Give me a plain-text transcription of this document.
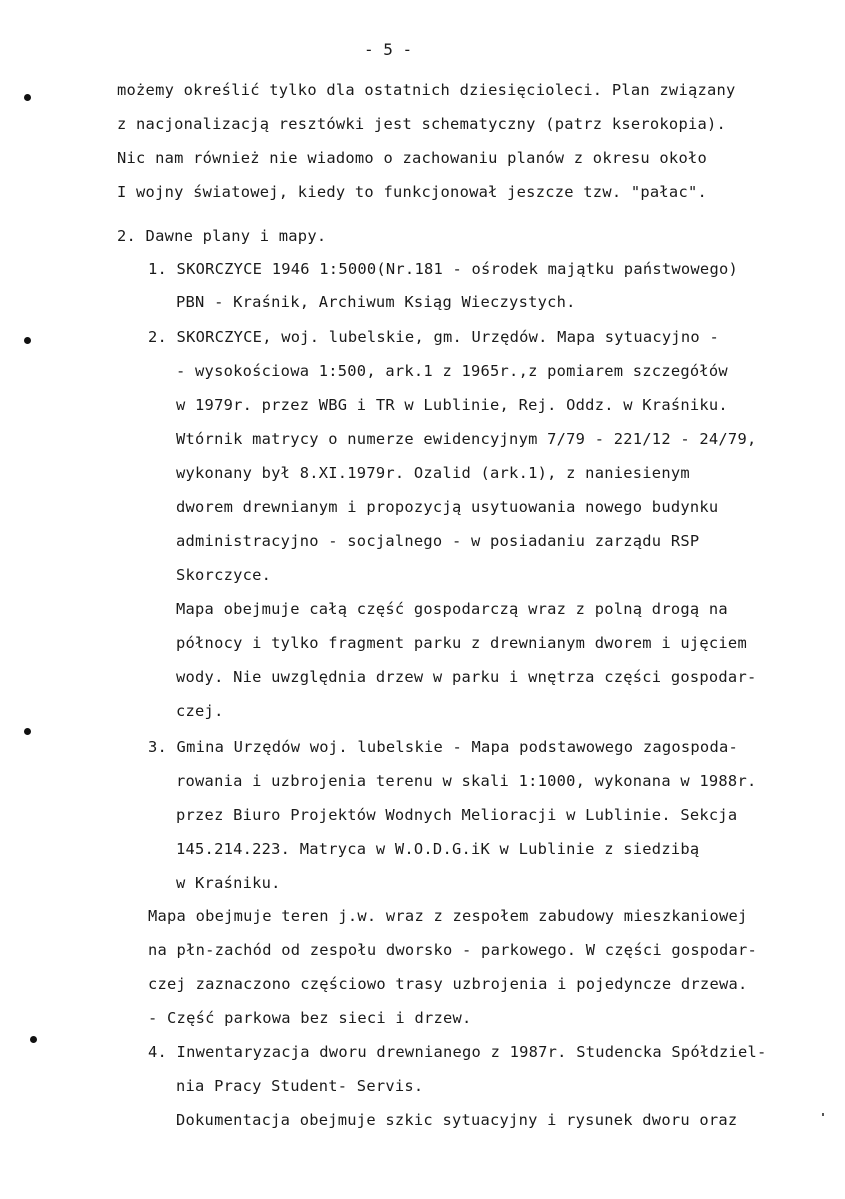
- 5 -
możemy określić tylko dla ostatnich dziesięcioleci. Plan związany
z nacjonalizacją resztówki jest schematyczny (patrz kserokopia).
Nic nam również nie wiadomo o zachowaniu planów z okresu około
I wojny światowej, kiedy to funkcjonował jeszcze tzw. "pałac".
2. Dawne plany i mapy.
1. SKORCZYCE 1946 1:5000(Nr.181 - ośrodek majątku państwowego)
PBN - Kraśnik, Archiwum Ksiąg Wieczystych.
2. SKORCZYCE, woj. lubelskie, gm. Urzędów. Mapa sytuacyjno -
- wysokościowa 1:500, ark.1 z 1965r.,z pomiarem szczegółów
w 1979r. przez WBG i TR w Lublinie, Rej. Oddz. w Kraśniku.
Wtórnik matrycy o numerze ewidencyjnym 7/79 - 221/12 - 24/79,
wykonany był 8.XI.1979r. Ozalid (ark.1), z naniesienym
dworem drewnianym i propozycją usytuowania nowego budynku
administracyjno - socjalnego - w posiadaniu zarządu RSP
Skorczyce.
Mapa obejmuje całą część gospodarczą wraz z polną drogą na
północy i tylko fragment parku z drewnianym dworem i ujęciem
wody. Nie uwzględnia drzew w parku i wnętrza części gospodar-
czej.
3. Gmina Urzędów woj. lubelskie - Mapa podstawowego zagospoda-
rowania i uzbrojenia terenu w skali 1:1000, wykonana w 1988r.
przez Biuro Projektów Wodnych Melioracji w Lublinie. Sekcja
145.214.223. Matryca w W.O.D.G.iK w Lublinie z siedzibą
w Kraśniku.
Mapa obejmuje teren j.w. wraz z zespołem zabudowy mieszkaniowej
na płn-zachód od zespołu dworsko - parkowego. W części gospodar-
czej zaznaczono częściowo trasy uzbrojenia i pojedyncze drzewa.
- Część parkowa bez sieci i drzew.
4. Inwentaryzacja dworu drewnianego z 1987r. Studencka Spółdziel-
nia Pracy Student- Servis.
Dokumentacja obejmuje szkic sytuacyjny i rysunek dworu oraz
